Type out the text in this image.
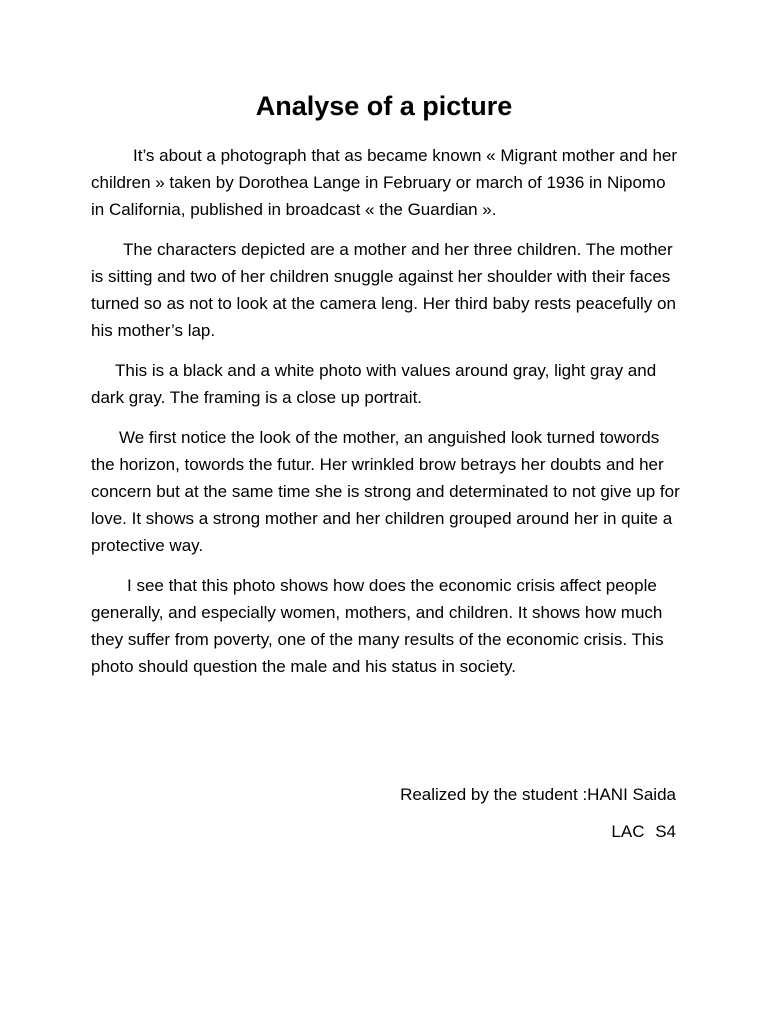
Analyse of a picture

It’s about a photograph that as became known « Migrant mother and her children » taken by Dorothea Lange in February or march of 1936 in Nipomo in California, published in broadcast « the Guardian ».

The characters depicted are a mother and her three children. The mother is sitting and two of her children snuggle against her shoulder with their faces turned so as not to look at the camera leng. Her third baby rests peacefully on his mother’s lap.

This is a black and a white photo with values around gray, light gray and dark gray. The framing is a close up portrait.

We first notice the look of the mother, an anguished look turned towords the horizon, towords the futur. Her wrinkled brow betrays her doubts and her concern but at the same time she is strong and determinated to not give up for love. It shows a strong mother and her children grouped around her in quite a protective way.

I see that this photo shows how does the economic crisis affect people generally, and especially women, mothers, and children. It shows how much they suffer from poverty, one of the many results of the economic crisis. This photo should question the male and his status in society.

Realized by the student :HANI Saida

LAC S4
